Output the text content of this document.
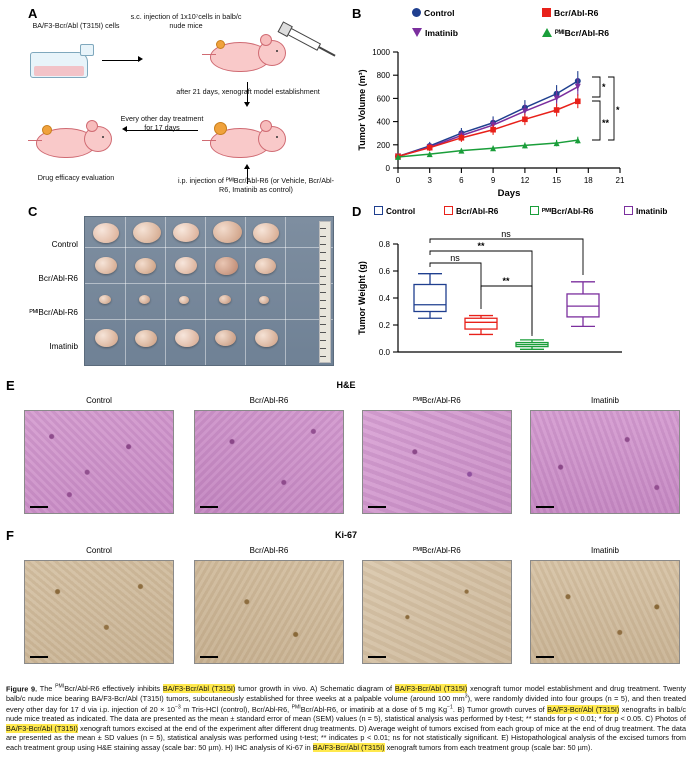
A
BA/F3-Bcr/Abl (T315I) cells
s.c. injection of 1x10⁷cells in balb/c nude mice
after 21 days, xenograft model establishment
Every other day treatment for 17 days
Drug efficacy evaluation	i.p. injection of ᴾᴹᴵBcr/Abl-R6 (or Vehicle, Bcr/Abl-R6, Imatinib as control)
B	Control	Bcr/Abl-R6
Imatinib	ᴾᴹᴵBcr/Abl-R6
0
200
400
600
800
1000
0	3	6	9	12	15	18	21
*
*
**
Tumor Volume (m³)
Days
C
Control
Bcr/Abl-R6
ᴾᴹᴵBcr/Abl-R6
Imatinib
D	Control	Bcr/Abl-R6	ᴾᴹᴵBcr/Abl-R6	Imatinib
0.0
0.2
0.4
0.6
0.8
ns
**
ns
**
Tumor Weight (g)
E	H&E
Control	Bcr/Abl-R6	ᴾᴹᴵBcr/Abl-R6	Imatinib
F	Ki-67
Control	Bcr/Abl-R6	ᴾᴹᴵBcr/Abl-R6	Imatinib
Figure 9. The $^{PMI}$Bcr/Abl-R6 effectively inhibits BA/F3-Bcr/Abl (T315I) tumor growth in vivo. A) Schematic diagram of BA/F3-Bcr/Abl (T315I) xenograft tumor model establishment and drug treatment. Twenty balb/c nude mice bearing BA/F3-Bcr/Abl (T315I) tumors, subcutaneously established for three weeks at a palpable volume (around 100 $mm^3$), were randomly divided into four groups (n = 5), and then treated every other day for 17 d via i.p. injection of $20 \times 10^{-3}$ m Tris-HCl (control), Bcr/Abl-R6, $^{PMI}$Bcr/Abl-R6, or imatinib at a dose of 5 mg $Kg^{-1}$. B) Tumor growth curves of BA/F3-Bcr/Abl (T315I) xenografts in balb/c nude mice treated as indicated. The data are presented as the mean ± standard error of mean (SEM) values (n = 5), statistical analysis was performed by t-test; ** stands for p < 0.01; * for p < 0.05. C) Photos of BA/F3-Bcr/Abl (T315I) xenograft tumors excised at the end of the experiment after different drug treatments. D) Average weight of tumors excised from each group of mice at the end of drug treatment. The data are presented as the mean ± SD values (n = 5), statistical analysis was performed using t-test; ** indicates p < 0.01; ns for not statistically significant. E) Histopathological analysis of the excised tumors from each treatment group using H&E staining assay (scale bar: 50 µm). H) IHC analysis of Ki-67 in BA/F3-Bcr/Abl (T315I) xenograft tumors from each treatment group (scale bar: 50 µm).
